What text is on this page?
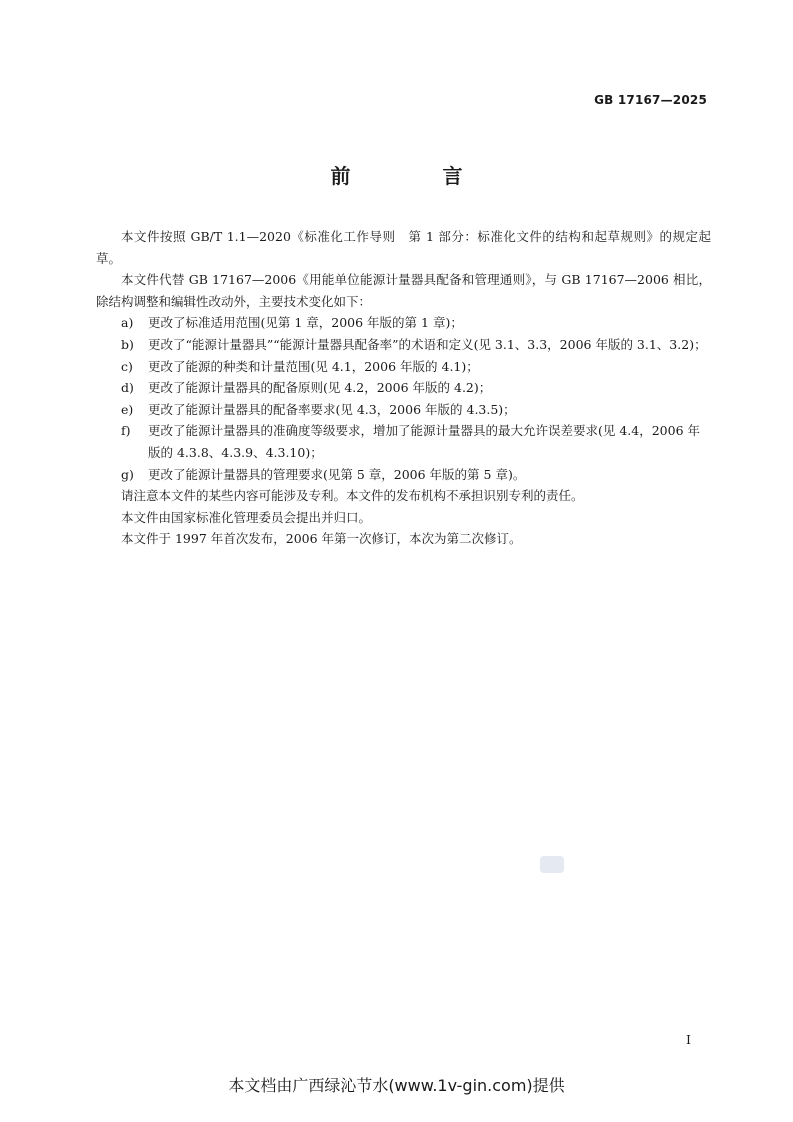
GB 17167—2025
前　言

本文件按照 GB/T 1.1—2020《标准化工作导则　第 1 部分：标准化文件的结构和起草规则》的规定起草。

本文件代替 GB 17167—2006《用能单位能源计量器具配备和管理通则》，与 GB 17167—2006 相比，除结构调整和编辑性改动外，主要技术变化如下：

a) 更改了标准适用范围(见第 1 章，2006 年版的第 1 章)；

b) 更改了“能源计量器具”“能源计量器具配备率”的术语和定义(见 3.1、3.3，2006 年版的 3.1、3.2)；

c) 更改了能源的种类和计量范围(见 4.1，2006 年版的 4.1)；

d) 更改了能源计量器具的配备原则(见 4.2，2006 年版的 4.2)；

e) 更改了能源计量器具的配备率要求(见 4.3，2006 年版的 4.3.5)；

f) 更改了能源计量器具的准确度等级要求，增加了能源计量器具的最大允许误差要求(见 4.4，2006 年版的 4.3.8、4.3.9、4.3.10)；

g) 更改了能源计量器具的管理要求(见第 5 章，2006 年版的第 5 章)。

请注意本文件的某些内容可能涉及专利。本文件的发布机构不承担识别专利的责任。

本文件由国家标准化管理委员会提出并归口。

本文件于 1997 年首次发布，2006 年第一次修订，本次为第二次修订。

I
本文档由广西绿沁节水(www.1v-gin.com)提供
